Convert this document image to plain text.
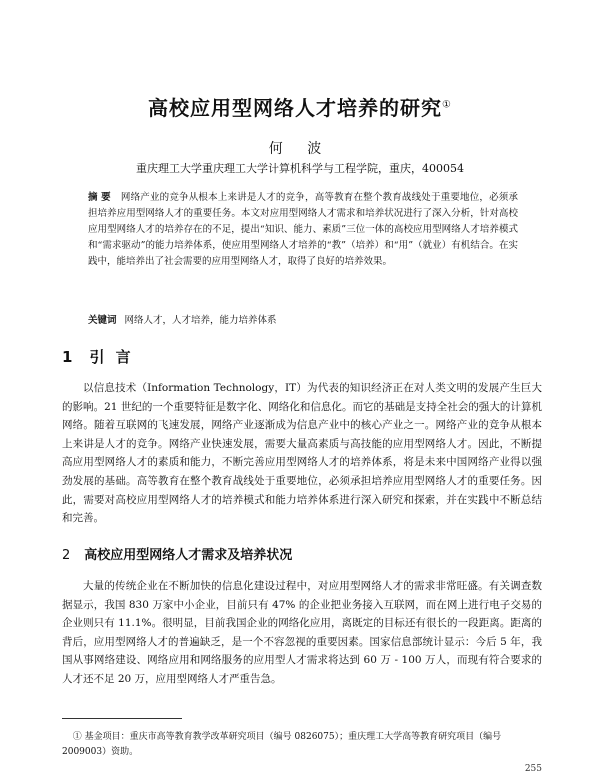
高校应用型网络人才培养的研究①
何 波
重庆理工大学重庆理工大学计算机科学与工程学院，重庆，400054
摘 要 网络产业的竞争从根本上来讲是人才的竞争，高等教育在整个教育战线处于重要地位，必须承担培养应用型网络人才的重要任务。本文对应用型网络人才需求和培养状况进行了深入分析，针对高校应用型网络人才的培养存在的不足，提出“知识、能力、素质”三位一体的高校应用型网络人才培养模式和“需求驱动”的能力培养体系，使应用型网络人才培养的“教”（培养）和“用”（就业）有机结合。在实践中，能培养出了社会需要的应用型网络人才，取得了良好的培养效果。
关键词 网络人才，人才培养，能力培养体系
1 引 言
以信息技术（Information Technology，IT）为代表的知识经济正在对人类文明的发展产生巨大的影响。21 世纪的一个重要特征是数字化、网络化和信息化。而它的基础是支持全社会的强大的计算机网络。随着互联网的飞速发展，网络产业逐渐成为信息产业中的核心产业之一。网络产业的竞争从根本上来讲是人才的竞争。网络产业快速发展，需要大量高素质与高技能的应用型网络人才。因此，不断提高应用型网络人才的素质和能力，不断完善应用型网络人才的培养体系，将是未来中国网络产业得以强劲发展的基础。高等教育在整个教育战线处于重要地位，必须承担培养应用型网络人才的重要任务。因此，需要对高校应用型网络人才的培养模式和能力培养体系进行深入研究和探索，并在实践中不断总结和完善。
2 高校应用型网络人才需求及培养状况
大量的传统企业在不断加快的信息化建设过程中，对应用型网络人才的需求非常旺盛。有关调查数据显示，我国 830 万家中小企业，目前只有 47% 的企业把业务接入互联网，而在网上进行电子交易的企业则只有 11.1%。很明显，目前我国企业的网络化应用，离既定的目标还有很长的一段距离。距离的背后，应用型网络人才的普遍缺乏，是一个不容忽视的重要因素。国家信息部统计显示：今后 5 年，我国从事网络建设、网络应用和网络服务的应用型人才需求将达到 60 万 - 100 万人，而现有符合要求的人才还不足 20 万，应用型网络人才严重告急。
① 基金项目：重庆市高等教育教学改革研究项目（编号 0826075）；重庆理工大学高等教育研究项目（编号 2009003）资助。
255
